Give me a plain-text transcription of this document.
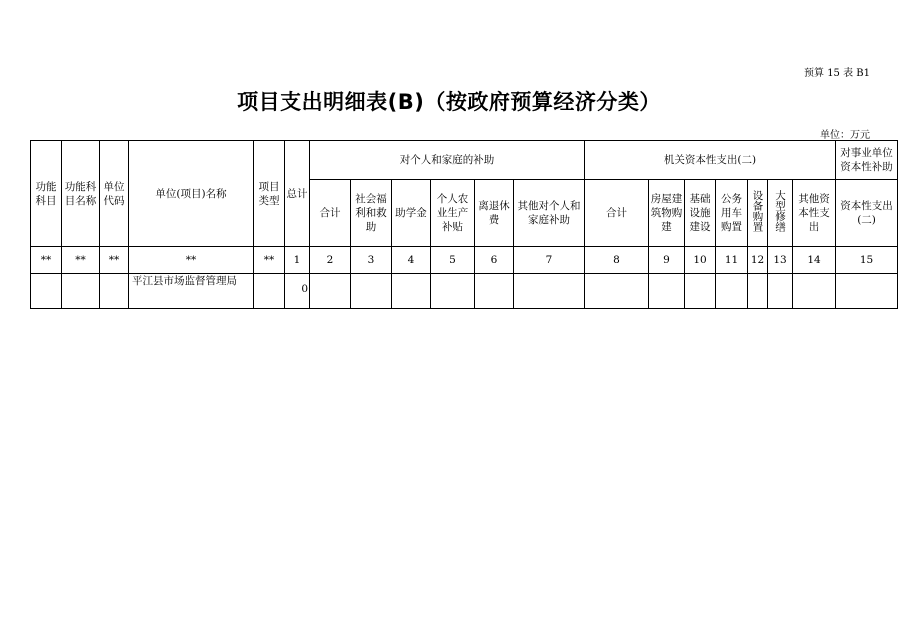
预算 15 表 B1
项目支出明细表(B)（按政府预算经济分类）
单位：万元
功能科目	功能科目名称	单位代码	单位(项目)名称	项目类型	总计	对个人和家庭的补助						机关资本性支出(二)							对事业单位资本性补助
						合计	社会福利和救助	助学金	个人农业生产补贴	离退休费	其他对个人和家庭补助	合计	房屋建筑物购建	基础设施建设	公务用车购置	设备购置	大型修缮	其他资本性支出	资本性支出(二)
**	**	**	**	**	1	2	3	4	5	6	7	8	9	10	11	12	13	14	15
			平江县市场监督管理局		0														
